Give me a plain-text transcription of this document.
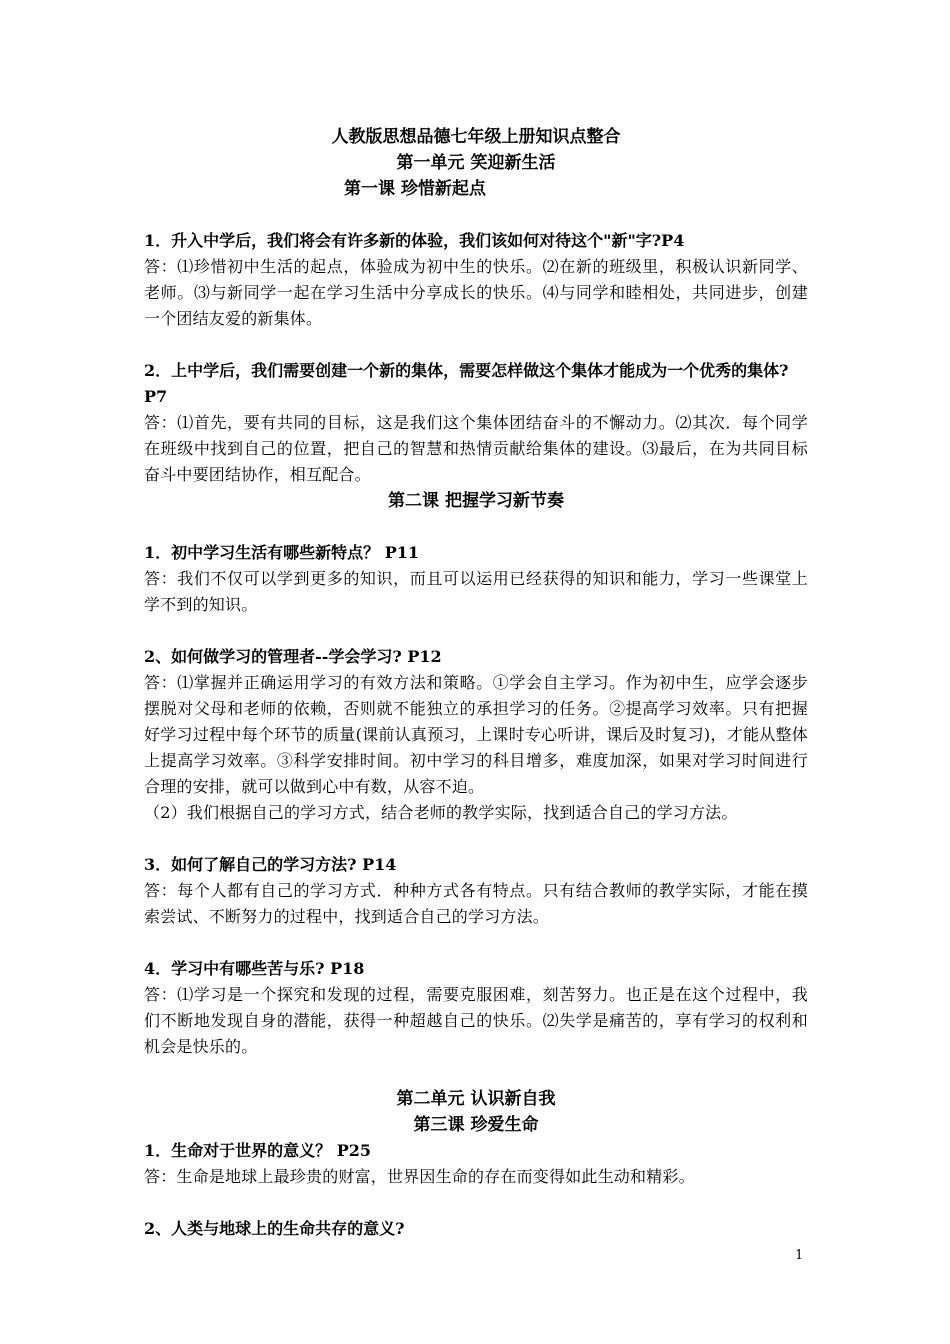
人教版思想品德七年级上册知识点整合

第一单元 笑迎新生活

第一课 珍惜新起点

1．升入中学后，我们将会有许多新的体验，我们该如何对待这个"新"字?P4

答：⑴珍惜初中生活的起点，体验成为初中生的快乐。⑵在新的班级里，积极认识新同学、老师。⑶与新同学一起在学习生活中分享成长的快乐。⑷与同学和睦相处，共同进步，创建一个团结友爱的新集体。

2．上中学后，我们需要创建一个新的集体，需要怎样做这个集体才能成为一个优秀的集体? P7

答：⑴首先，要有共同的目标，这是我们这个集体团结奋斗的不懈动力。⑵其次．每个同学在班级中找到自己的位置，把自己的智慧和热情贡献给集体的建设。⑶最后，在为共同目标奋斗中要团结协作，相互配合。

第二课 把握学习新节奏

1．初中学习生活有哪些新特点？ P11

答：我们不仅可以学到更多的知识，而且可以运用已经获得的知识和能力，学习一些课堂上学不到的知识。

2、如何做学习的管理者--学会学习? P12

答：⑴掌握并正确运用学习的有效方法和策略。①学会自主学习。作为初中生，应学会逐步摆脱对父母和老师的依赖，否则就不能独立的承担学习的任务。②提高学习效率。只有把握好学习过程中每个环节的质量(课前认真预习，上课时专心听讲，课后及时复习)，才能从整体上提高学习效率。③科学安排时间。初中学习的科目增多，难度加深，如果对学习时间进行合理的安排，就可以做到心中有数，从容不迫。

（2）我们根据自己的学习方式，结合老师的教学实际，找到适合自己的学习方法。

3．如何了解自己的学习方法? P14

答：每个人都有自己的学习方式．种种方式各有特点。只有结合教师的教学实际，才能在摸索尝试、不断努力的过程中，找到适合自己的学习方法。

4．学习中有哪些苦与乐? P18

答：⑴学习是一个探究和发现的过程，需要克服困难，刻苦努力。也正是在这个过程中，我们不断地发现自身的潜能，获得一种超越自己的快乐。⑵失学是痛苦的，享有学习的权利和机会是快乐的。

第二单元 认识新自我

第三课 珍爱生命

1．生命对于世界的意义？ P25

答：生命是地球上最珍贵的财富，世界因生命的存在而变得如此生动和精彩。

2、人类与地球上的生命共存的意义?

1
